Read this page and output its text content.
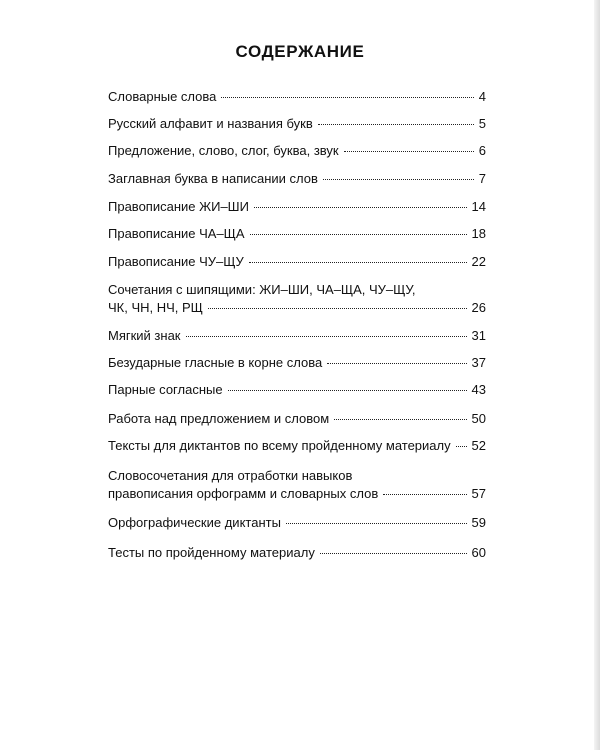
СОДЕРЖАНИЕ
Словарные слова	4
Русский алфавит и названия букв	5
Предложение, слово, слог, буква, звук	6
Заглавная буква в написании слов	7
Правописание ЖИ–ШИ	14
Правописание ЧА–ЩА	18
Правописание ЧУ–ЩУ	22
Сочетания с шипящими: ЖИ–ШИ, ЧА–ЩА, ЧУ–ЩУ,
ЧК, ЧН, НЧ, РЩ	26
Мягкий знак	31
Безударные гласные в корне слова	37
Парные согласные	43
Работа над предложением и словом	50
Тексты для диктантов по всему пройденному материалу 52
Словосочетания для отработки навыков
правописания орфограмм и словарных слов	57
Орфографические диктанты	59
Тесты по пройденному материалу	60
